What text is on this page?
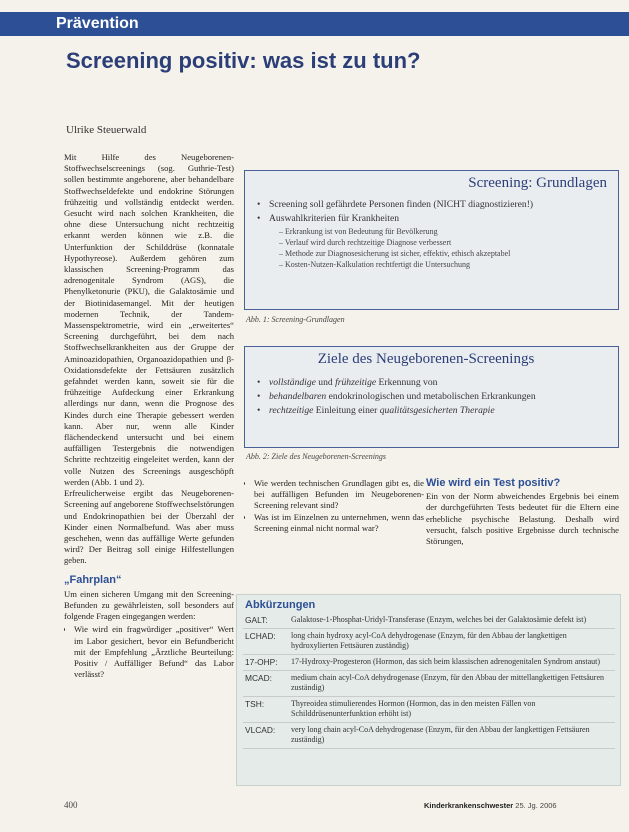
Prävention
Screening positiv: was ist zu tun?
Ulrike Steuerwald

Mit Hilfe des Neugeborenen-Stoffwechselscreenings (sog. Guthrie-Test) sollen bestimmte angeborene, aber behandelbare Stoffwechseldefekte und endokrine Störungen frühzeitig und vollständig entdeckt werden. Gesucht wird nach solchen Krankheiten, die ohne diese Untersuchung nicht rechtzeitig erkannt werden können wie z.B. die Unterfunktion der Schilddrüse (konnatale Hypothyreose). Außerdem gehören zum klassischen Screening-Programm das adrenogenitale Syndrom (AGS), die Phenylketonurie (PKU), die Galaktosämie und der Biotinidasemangel. Mit der heutigen modernen Technik, der Tandem-Massenspektrometrie, wird ein „erweitertes“ Screening durchgeführt, bei dem nach Stoffwechselkrankheiten aus der Gruppe der Aminoazidopathien, Organoazidopathien und β-Oxidationsdefekte der Fettsäuren zusätzlich gefahndet werden kann, soweit sie für die frühzeitige Aufdeckung einer Erkrankung allerdings nur dann, wenn die Prognose des Kindes durch eine Therapie gebessert werden kann. Aber nur, wenn alle Kinder flächendeckend untersucht und bei einem auffälligen Testergebnis die notwendigen Schritte rechtzeitig eingeleitet werden, kann der volle Nutzen des Screenings ausgeschöpft werden (Abb. 1 und 2).

Erfreulicherweise ergibt das Neugeborenen-Screening auf angeborene Stoffwechselstörungen und Endokrinopathien bei der Überzahl der Kinder einen Normalbefund. Was aber muss geschehen, wenn das auffällige Werte gefunden wird? Der Beitrag soll einige Hilfestellungen geben.

„Fahrplan“

Um einen sicheren Umgang mit den Screening-Befunden zu gewährleisten, soll besonders auf folgende Fragen eingegangen werden:

• Wie wird ein fragwürdiger „positiver“ Wert im Labor gesichert, bevor ein Befundbericht mit der Empfehlung „Ärztliche Beurteilung: Positiv / Auffälliger Befund“ das Labor verlässt?
Screening: Grundlagen
• Screening soll gefährdete Personen finden (NICHT diagnostizieren!)
• Auswahlkriterien für Krankheiten
– Erkrankung ist von Bedeutung für Bevölkerung
– Verlauf wird durch rechtzeitige Diagnose verbessert
– Methode zur Diagnosesicherung ist sicher, effektiv, ethisch akzeptabel
– Kosten-Nutzen-Kalkulation rechtfertigt die Untersuchung
Abb. 1: Screening-Grundlagen
Ziele des Neugeborenen-Screenings
• vollständige und frühzeitige Erkennung von
• behandelbaren endokrinologischen und metabolischen Erkrankungen
• rechtzeitige Einleitung einer qualitätsgesicherten Therapie
Abb. 2: Ziele des Neugeborenen-Screenings
• Wie werden technischen Grundlagen gibt es, die bei auffälligen Befunden im Neugeborenen-Screening relevant sind?
• Was ist im Einzelnen zu unternehmen, wenn das Screening einmal nicht normal war?
Wie wird ein Test positiv?
Ein von der Norm abweichendes Ergebnis bei einem der durchgeführten Tests bedeutet für die Eltern eine erhebliche psychische Belastung. Deshalb wird versucht, falsch positive Ergebnisse durch technische Störungen,
Abkürzungen
GALT:	Galaktose-1-Phosphat-Uridyl-Transferase (Enzym, welches bei der Galaktosämie defekt ist)
LCHAD:	long chain hydroxy acyl-CoA dehydrogenase (Enzym, für den Abbau der langkettigen hydroxylierten Fettsäuren zuständig)
17-OHP:	17-Hydroxy-Progesteron (Hormon, das sich beim klassischen adrenogenitalen Syndrom anstaut)
MCAD:	medium chain acyl-CoA dehydrogenase (Enzym, für den Abbau der mittellangkettigen Fettsäuren zuständig)
TSH:	Thyreoidea stimulierendes Hormon (Hormon, das in den meisten Fällen von Schilddrüsenunterfunktion erhöht ist)
VLCAD:	very long chain acyl-CoA dehydrogenase (Enzym, für den Abbau der langkettigen Fettsäuren zuständig)
400	Kinderkrankenschwester 25. Jg. 2006
